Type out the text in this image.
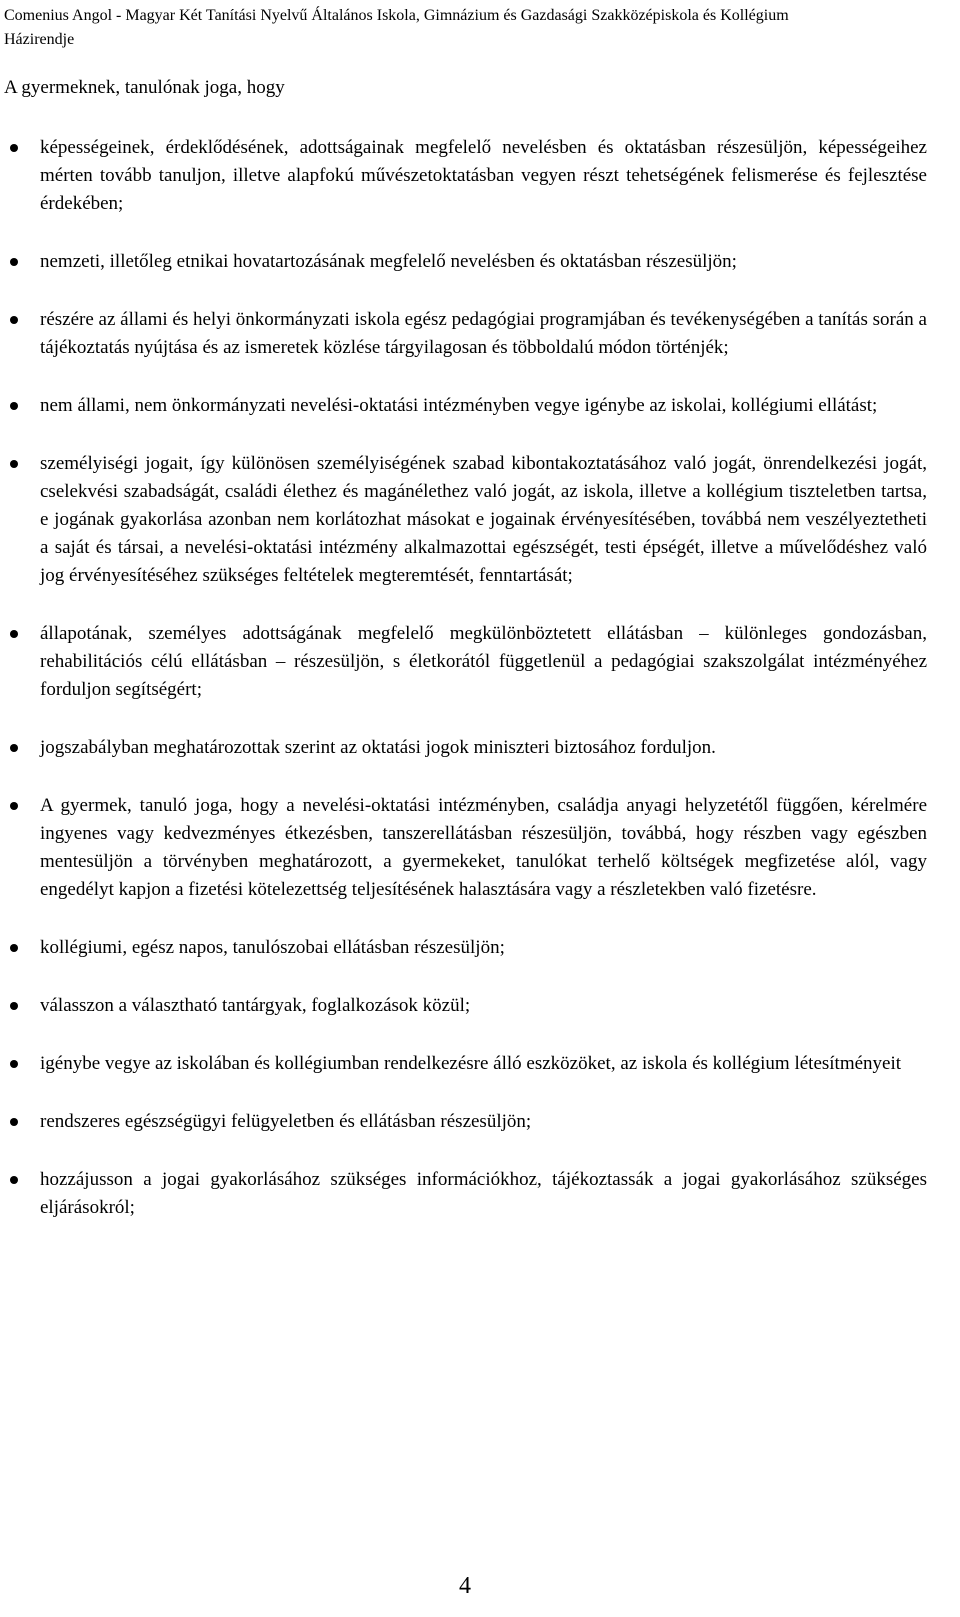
Comenius Angol - Magyar Két Tanítási Nyelvű Általános Iskola, Gimnázium és Gazdasági Szakközépiskola és Kollégium
Házirendje
A gyermeknek, tanulónak joga, hogy
képességeinek, érdeklődésének, adottságainak megfelelő nevelésben és oktatásban részesüljön, képességeihez mérten tovább tanuljon, illetve alapfokú művészetoktatásban vegyen részt tehetségének felismerése és fejlesztése érdekében;
nemzeti, illetőleg etnikai hovatartozásának megfelelő nevelésben és oktatásban részesüljön;
részére az állami és helyi önkormányzati iskola egész pedagógiai programjában és tevékenységében a tanítás során a tájékoztatás nyújtása és az ismeretek közlése tárgyilagosan és többoldalú módon történjék;
nem állami, nem önkormányzati nevelési-oktatási intézményben vegye igénybe az iskolai, kollégiumi ellátást;
személyiségi jogait, így különösen személyiségének szabad kibontakoztatásához való jogát, önrendelkezési jogát, cselekvési szabadságát, családi élethez és magánélethez való jogát, az iskola, illetve a kollégium tiszteletben tartsa, e jogának gyakorlása azonban nem korlátozhat másokat e jogainak érvényesítésében, továbbá nem veszélyeztetheti a saját és társai, a nevelési-oktatási intézmény alkalmazottai egészségét, testi épségét, illetve a művelődéshez való jog érvényesítéséhez szükséges feltételek megteremtését, fenntartását;
állapotának, személyes adottságának megfelelő megkülönböztetett ellátásban – különleges gondozásban, rehabilitációs célú ellátásban – részesüljön, s életkorától függetlenül a pedagógiai szakszolgálat intézményéhez forduljon segítségért;
jogszabályban meghatározottak szerint az oktatási jogok miniszteri biztosához forduljon.
A gyermek, tanuló joga, hogy a nevelési-oktatási intézményben, családja anyagi helyzetétől függően, kérelmére ingyenes vagy kedvezményes étkezésben, tanszerellátásban részesüljön, továbbá, hogy részben vagy egészben mentesüljön a törvényben meghatározott, a gyermekeket, tanulókat terhelő költségek megfizetése alól, vagy engedélyt kapjon a fizetési kötelezettség teljesítésének halasztására vagy a részletekben való fizetésre.
kollégiumi, egész napos, tanulószobai ellátásban részesüljön;
válasszon a választható tantárgyak, foglalkozások közül;
igénybe vegye az iskolában és kollégiumban rendelkezésre álló eszközöket, az iskola és kollégium létesítményeit
rendszeres egészségügyi felügyeletben és ellátásban részesüljön;
hozzájusson a jogai gyakorlásához szükséges információkhoz, tájékoztassák a jogai gyakorlásához szükséges eljárásokról;
4
